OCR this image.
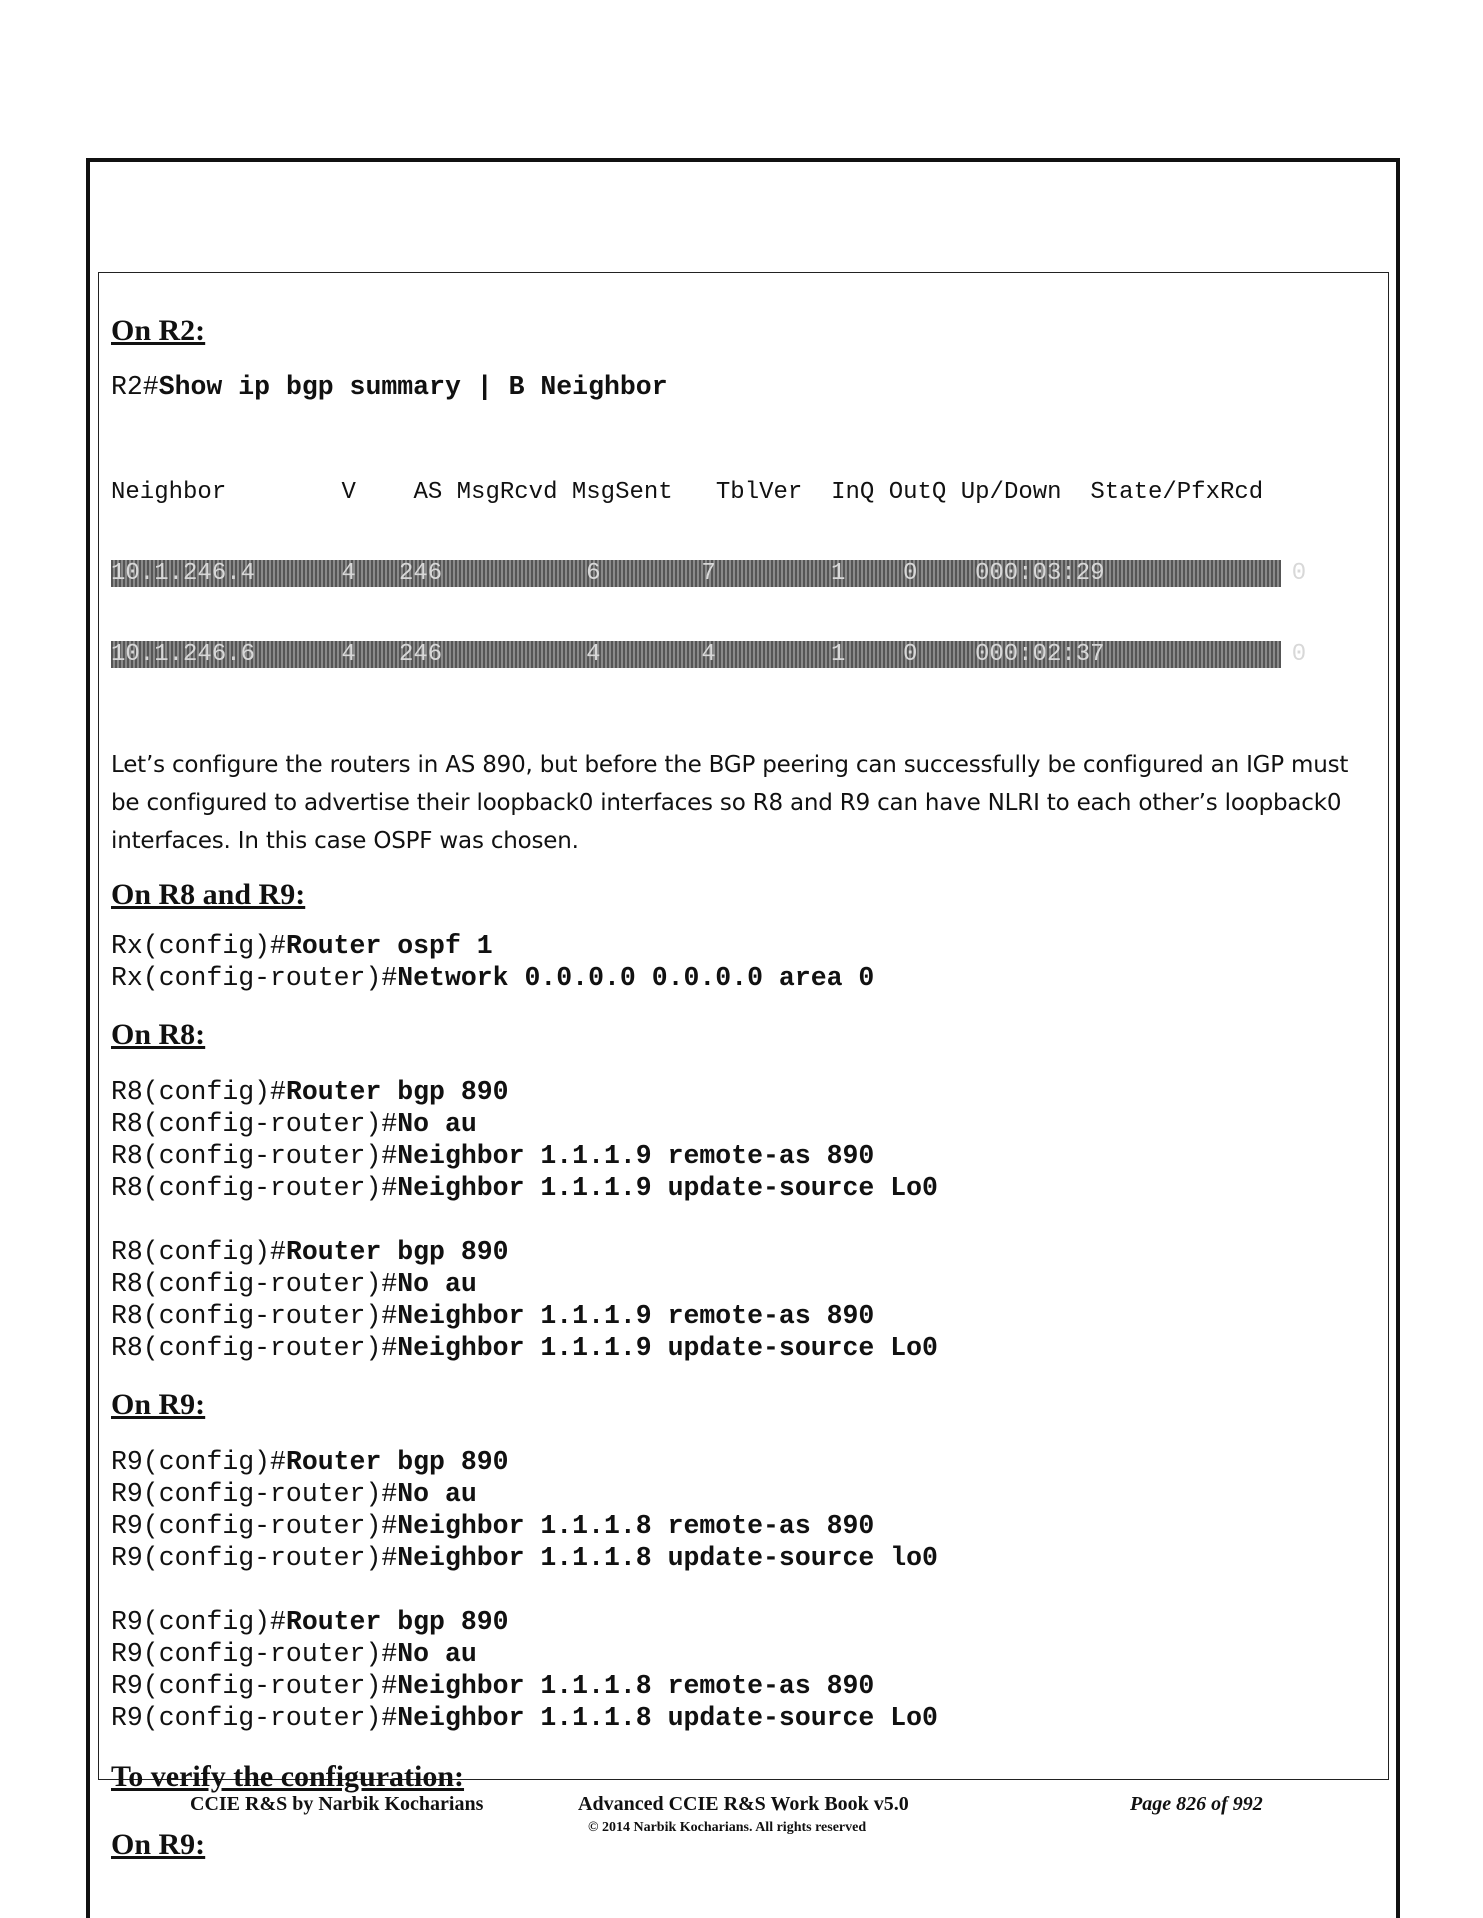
On R2:
R2#Show ip bgp summary | B Neighbor

Neighbor        V    AS MsgRcvd MsgSent   TblVer  InQ OutQ Up/Down  State/PfxRcd

10.1.246.4	4 246	6	7	1 0 000:03:29	0

10.1.246.6	4 246	4	4	1 0 000:02:37	0

Let’s configure the routers in AS 890, but before the BGP peering can successfully be configured an IGP must be configured to advertise their loopback0 interfaces so R8 and R9 can have NLRI to each other’s loopback0 interfaces. In this case OSPF was chosen.

On R8 and R9:
Rx(config)#Router ospf 1
Rx(config-router)#Network 0.0.0.0 0.0.0.0 area 0
On R8:
R8(config)#Router bgp 890
R8(config-router)#No au
R8(config-router)#Neighbor 1.1.1.9 remote-as 890
R8(config-router)#Neighbor 1.1.1.9 update-source Lo0
R8(config)#Router bgp 890
R8(config-router)#No au
R8(config-router)#Neighbor 1.1.1.9 remote-as 890
R8(config-router)#Neighbor 1.1.1.9 update-source Lo0
On R9:
R9(config)#Router bgp 890
R9(config-router)#No au
R9(config-router)#Neighbor 1.1.1.8 remote-as 890
R9(config-router)#Neighbor 1.1.1.8 update-source lo0
R9(config)#Router bgp 890
R9(config-router)#No au
R9(config-router)#Neighbor 1.1.1.8 remote-as 890
R9(config-router)#Neighbor 1.1.1.8 update-source Lo0
To verify the configuration:
On R9:
CCIE R&S by Narbik Kocharians	Advanced CCIE R&S Work Book v5.0
© 2014 Narbik Kocharians. All rights reserved
Page 826 of 992
